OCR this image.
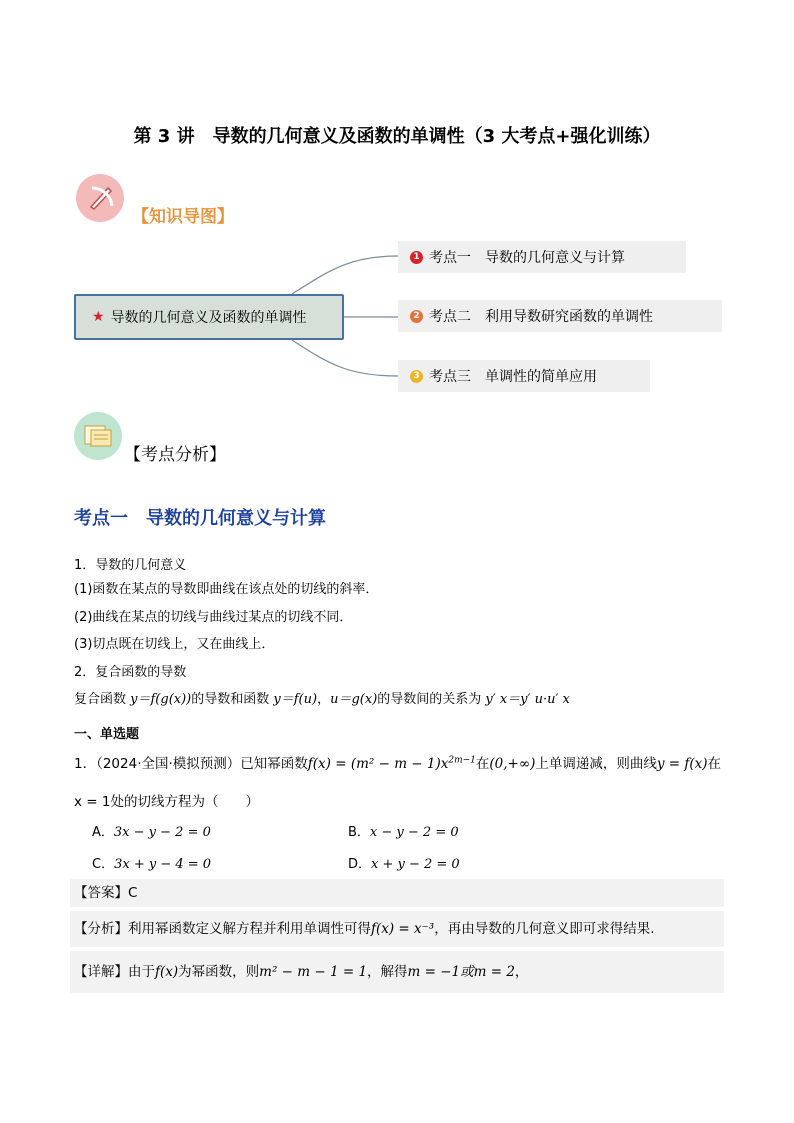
第 3 讲　导数的几何意义及函数的单调性（3 大考点+强化训练）
【知识导图】
★ 导数的几何意义及函数的单调性
1 考点一　导数的几何意义与计算
2 考点二　利用导数研究函数的单调性
3 考点三　单调性的简单应用
【考点分析】
考点一　导数的几何意义与计算
1．导数的几何意义
(1)函数在某点的导数即曲线在该点处的切线的斜率．
(2)曲线在某点的切线与曲线过某点的切线不同．
(3)切点既在切线上，又在曲线上．
2．复合函数的导数
复合函数 y＝f(g(x))的导数和函数 y＝f(u)，u＝g(x)的导数间的关系为 y′ x＝y′ u·u′ x
一、单选题
1．（2024·全国·模拟预测）已知幂函数$f(x) = (m^2 - m - 1)x^{2m-1}$在(0,+∞)上单调递减，则曲线y = f(x)在
x = 1处的切线方程为（　　）
A．3x − y − 2 = 0	B．x − y − 2 = 0
C．3x + y − 4 = 0	D．x + y − 2 = 0
【答案】C
【分析】利用幂函数定义解方程并利用单调性可得f(x) = x⁻³，再由导数的几何意义即可求得结果.
【详解】由于f(x)为幂函数，则m² − m − 1 = 1，解得m = −1或m = 2，
